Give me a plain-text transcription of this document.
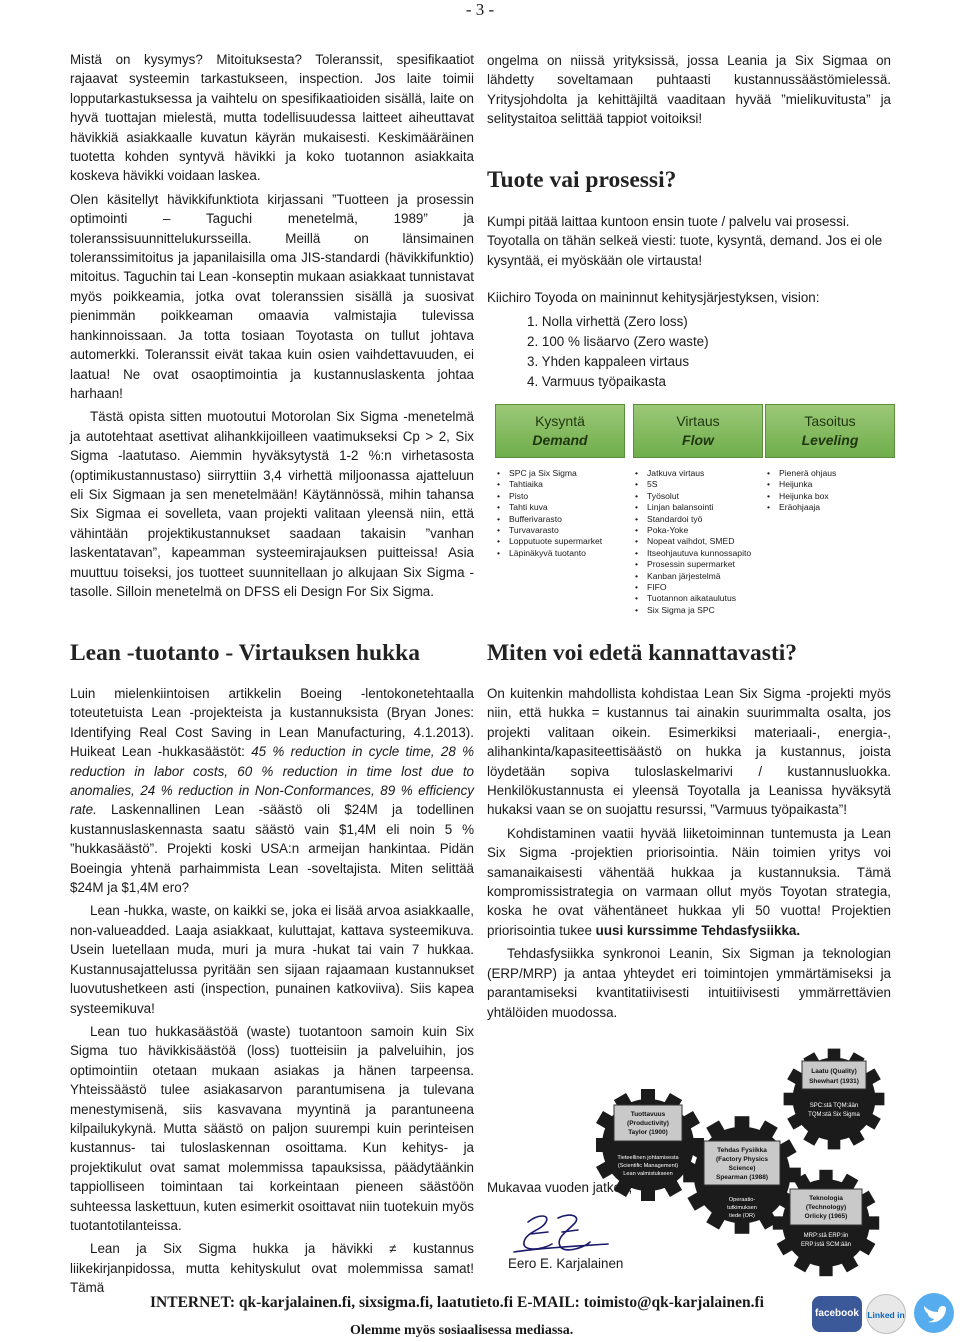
- 3 -

Mistä on kysymys? Mitoituksesta? Toleranssit, spesifikaatiot rajaavat systeemin tarkastukseen, inspection. Jos laite toimii lopputarkastuksessa ja vaihtelu on spesifikaatioiden sisällä, laite on hyvä tuottajan mielestä, mutta todellisuudessa laitteet aiheuttavat hävikkiä asiakkaalle kuvatun käyrän mukaisesti. Keskimääräinen tuotetta kohden syntyvä hävikki ja koko tuotannon asiakkaita koskeva hävikki voidaan laskea.

Olen käsitellyt hävikkifunktiota kirjassani ”Tuotteen ja prosessin optimointi – Taguchi menetelmä, 1989” ja toleranssisuunnittelukursseilla. Meillä on länsimainen toleranssimitoitus ja japanilaisilla oma JIS-standardi (hävikkifunktio) mitoitus. Taguchin tai Lean -konseptin mukaan asiakkaat tunnistavat myös poikkeamia, jotka ovat toleranssien sisällä ja suosivat pienimmän poikkeaman omaavia valmistajia tulevissa hankinnoissaan. Ja totta tosiaan Toyotasta on tullut johtava automerkki. Toleranssit eivät takaa kuin osien vaihdettavuuden, ei laatua! Ne ovat osaoptimointia ja kustannuslaskenta johtaa harhaan!

Tästä opista sitten muotoutui Motorolan Six Sigma -menetelmä ja autotehtaat asettivat alihankkijoilleen vaatimukseksi Cp > 2, Six Sigma -laatutaso. Aiemmin hyväksytystä 1-2 %:n virhetasosta (optimikustannustaso) siirryttiin 3,4 virhettä miljoonassa ajatteluun eli Six Sigmaan ja sen menetelmään! Käytännössä, mihin tahansa Six Sigmaa ei sovelleta, vaan projekti valitaan yleensä niin, että vähintään projektikustannukset saadaan takaisin ”vanhan laskentatavan”, kapeamman systeemirajauksen puitteissa! Asia muuttuu toiseksi, jos tuotteet suunnitellaan jo alkujaan Six Sigma -tasolle. Silloin menetelmä on DFSS eli Design For Six Sigma.

ongelma on niissä yrityksissä, jossa Leania ja Six Sigmaa on lähdetty soveltamaan puhtaasti kustannussäästömielessä. Yritysjohdolta ja kehittäjiltä vaaditaan hyvää ”mielikuvitusta” ja selitystaitoa selittää tappiot voitoiksi!

Tuote vai prosessi?

Kumpi pitää laittaa kuntoon ensin tuote / palvelu vai prosessi. Toyotalla on tähän selkeä viesti: tuote, kysyntä, demand. Jos ei ole kysyntää, ei myöskään ole virtausta!

Kiichiro Toyoda on maininnut kehitysjärjestyksen, vision:

1. Nolla virhettä (Zero loss)
2. 100 % lisäarvo (Zero waste)
3. Yhden kappaleen virtaus
4. Varmuus työpaikasta
Kysyntä
Demand
• SPC ja Six Sigma
• Tahtiaika
• Pisto
• Tahti kuva
• Bufferivarasto
• Turvavarasto
• Lopputuote supermarket
• Läpinäkyvä tuotanto
Virtaus
Flow
• Jatkuva virtaus
• 5S
• Työsolut
• Linjan balansointi
• Standardoi työ
• Poka-Yoke
• Nopeat vaihdot, SMED
• Itseohjautuva kunnossapito
• Prosessin supermarket
• Kanban järjestelmä
• FIFO
• Tuotannon aikataulutus
• Six Sigma ja SPC
Tasoitus
Leveling
• Pienerä ohjaus
• Heijunka
• Heijunka box
• Eräohjaaja
Lean -tuotanto - Virtauksen hukka

Luin mielenkiintoisen artikkelin Boeing -lentokonetehtaalla toteutetuista Lean -projekteista ja kustannuksista (Bryan Jones: Identifying Real Cost Saving in Lean Manufacturing, 4.1.2013). Huikeat Lean -hukkasäästöt: 45 % reduction in cycle time, 28 % reduction in labor costs, 60 % reduction in time lost due to anomalies, 24 % reduction in Non-Conformances, 89 % efficiency rate. Laskennallinen Lean -säästö oli $24M ja todellinen kustannuslaskennasta saatu säästö vain $1,4M eli noin 5 % ”hukkasäästö”. Projekti koski USA:n armeijan hankintaa. Pidän Boeingia yhtenä parhaimmista Lean -soveltajista. Miten selittää $24M ja $1,4M ero?

Lean -hukka, waste, on kaikki se, joka ei lisää arvoa asiakkaalle, non-valueadded. Laaja asiakkaat, kuluttajat, kattava systeemikuva. Usein luetellaan muda, muri ja mura -hukat tai vain 7 hukkaa. Kustannusajattelussa pyritään sen sijaan rajaamaan kustannukset luovutushetkeen asti (inspection, punainen katkoviiva). Siis kapea systeemikuva!

Lean tuo hukkasäästöä (waste) tuotantoon samoin kuin Six Sigma tuo hävikkisäästöä (loss) tuotteisiin ja palveluihin, jos optimointiin otetaan mukaan asiakas ja hänen tarpeensa. Yhteissäästö tulee asiakasarvon parantumisena ja tulevana menestymisenä, siis kasvavana myyntinä ja parantuneena kilpailukykynä. Mutta säästö on paljon suurempi kuin perinteisen kustannus- tai tuloslaskennan osoittama. Kun kehitys- ja projektikulut ovat samat molemmissa tapauksissa, päädytäänkin tappiolliseen toimintaan tai korkeintaan pieneen säästöön suhteessa laskettuun, kuten esimerkit osoittavat niin tuotekuin myös tuotantotilanteissa.

Lean ja Six Sigma hukka ja hävikki ≠ kustannus liikekirjanpidossa, mutta kehityskulut ovat molemmissa samat! Tämä

Miten voi edetä kannattavasti?

On kuitenkin mahdollista kohdistaa Lean Six Sigma -projekti myös niin, että hukka = kustannus tai ainakin suurimmalta osalta, jos projekti valitaan oikein. Esimerkiksi materiaali-, energia-, alihankinta/kapasiteettisäästö on hukka ja kustannus, joista löydetään sopiva tuloslaskelmarivi / kustannusluokka. Henkilökustannusta ei yleensä Toyotalla ja Leanissa hyväksytä hukaksi vaan se on suojattu resurssi, ”Varmuus työpaikasta”!

Kohdistaminen vaatii hyvää liiketoiminnan tuntemusta ja Lean Six Sigma -projektien priorisointia. Näin toimien yritys voi samanaikaisesti vähentää hukkaa ja kustannuksia. Tämä kompromissistrategia on varmaan ollut myös Toyotan strategia, koska he ovat vähentäneet hukkaa yli 50 vuotta! Projektien priorisointia tukee uusi kurssimme Tehdasfysiikka.

Tehdasfysiikka synkronoi Leanin, Six Sigman ja teknologian (ERP/MRP) ja antaa yhteydet eri toimintojen ymmärtämiseksi ja parantamiseksi kvantitatiivisesti intuitiivisesti ymmärrettävien yhtälöiden muodossa.

Laatu (Quality)
Shewhart (1931)
SPC:stä TQM:ään
TQM:stä Six Sigma
Tuottavuus
(Productivity)
Taylor (1900)
Tieteellinen johtamisesta
(Scientific Management)
Lean valmistukseen
Tehdas Fysiikka
(Factory Physics
Science)
Spearman (1988)
Operaatio-
tutkimuksen
tiede (OR)
Teknologia
(Technology)
Orlicky (1965)
MRP:stä ERP:iin
ERP:istä SCM:ään
Mukavaa vuoden jatkoa,
Eero E. Karjalainen
INTERNET: qk-karjalainen.fi, sixsigma.fi, laatutieto.fi E-MAIL: toimisto@qk-karjalainen.fi
Olemme myös sosiaalisessa mediassa.
facebook Linked in
